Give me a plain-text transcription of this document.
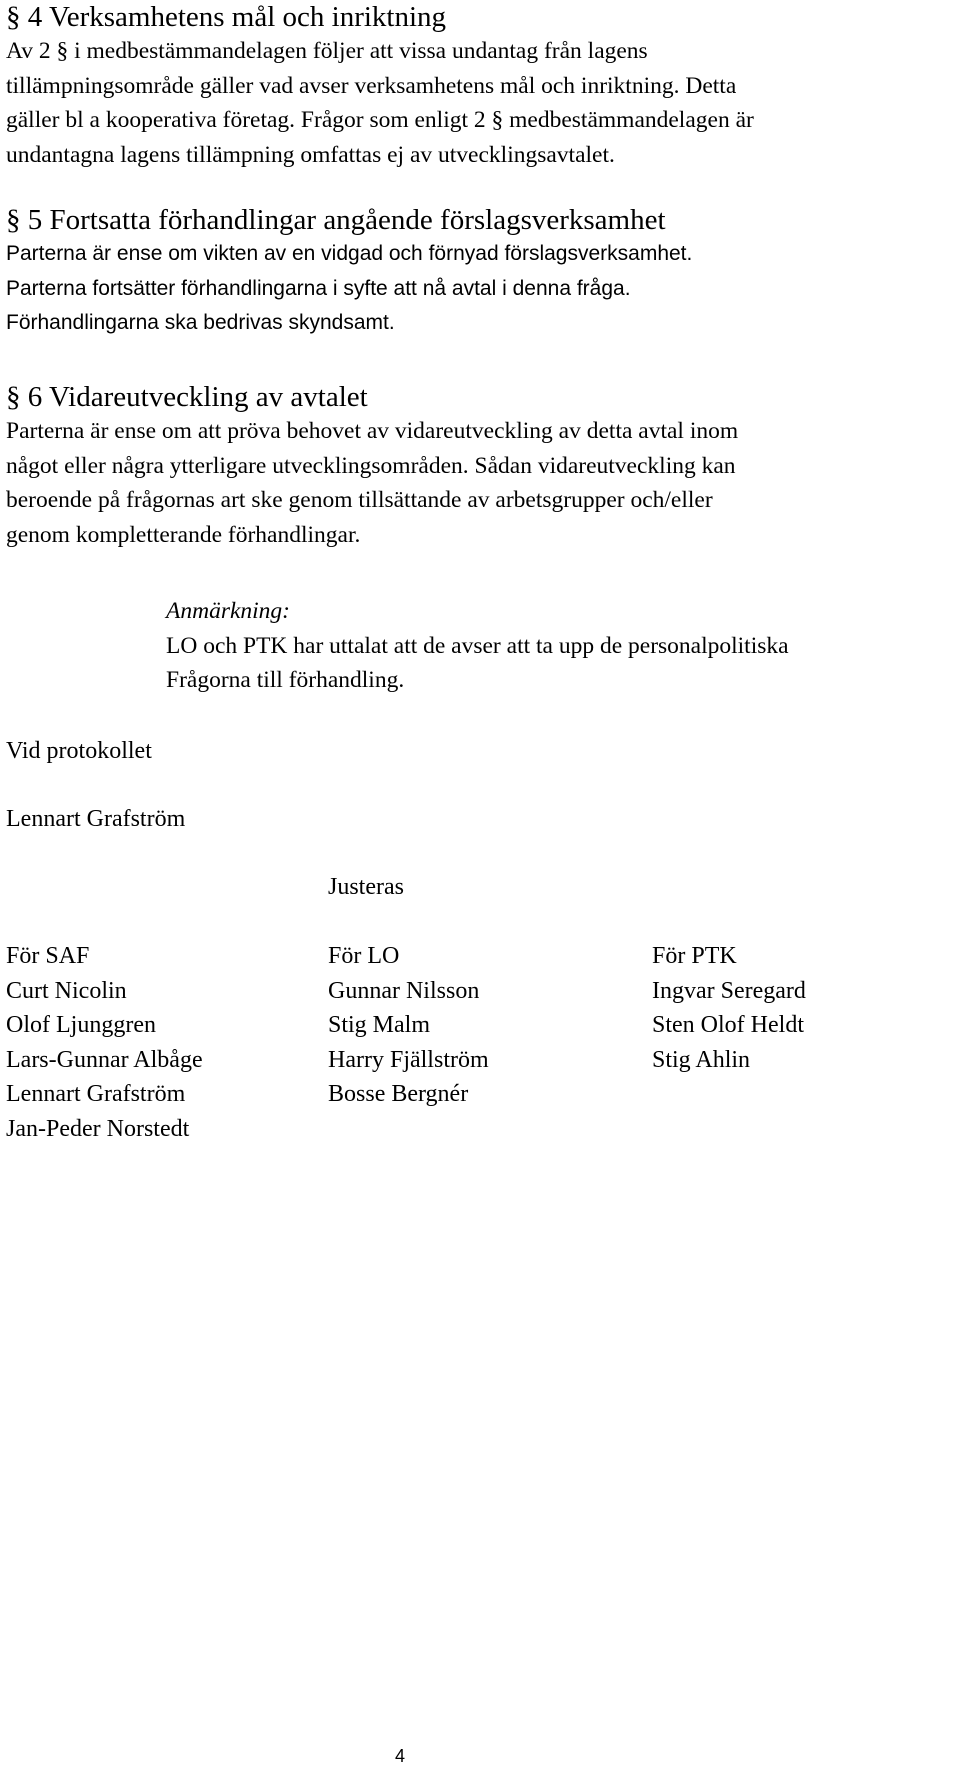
§ 4 Verksamhetens mål och inriktning
Av 2 § i medbestämmandelagen följer att vissa undantag från lagens
tillämpningsområde gäller vad avser verksamhetens mål och inriktning. Detta
gäller bl a kooperativa företag. Frågor som enligt 2 § medbestämmandelagen är
undantagna lagens tillämpning omfattas ej av utvecklingsavtalet.
§ 5 Fortsatta förhandlingar angående förslagsverksamhet
Parterna är ense om vikten av en vidgad och förnyad förslagsverksamhet.
Parterna fortsätter förhandlingarna i syfte att nå avtal i denna fråga.
Förhandlingarna ska bedrivas skyndsamt.
§ 6 Vidareutveckling av avtalet
Parterna är ense om att pröva behovet av vidareutveckling av detta avtal inom
något eller några ytterligare utvecklingsområden. Sådan vidareutveckling kan
beroende på frågornas art ske genom tillsättande av arbetsgrupper och/eller
genom kompletterande förhandlingar.
Anmärkning:
LO och PTK har uttalat att de avser att ta upp de personalpolitiska
Frågorna till förhandling.
Vid protokollet
Lennart Grafström
Justeras
För SAF
Curt Nicolin
Olof Ljunggren
Lars-Gunnar Albåge
Lennart Grafström
Jan-Peder Norstedt
För LO
Gunnar Nilsson
Stig Malm
Harry Fjällström
Bosse Bergnér
För PTK
Ingvar Seregard
Sten Olof Heldt
Stig Ahlin
4
